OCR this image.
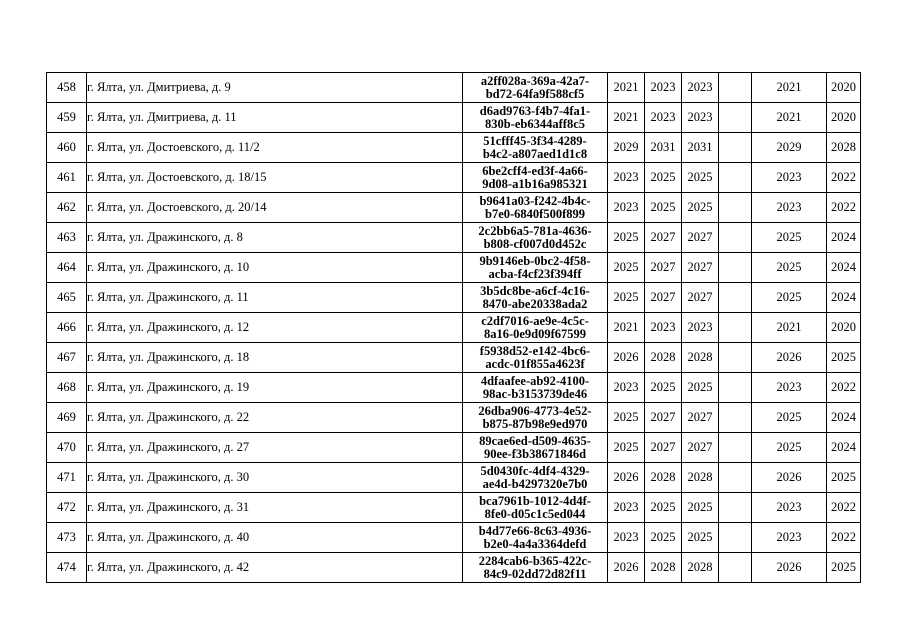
458	г. Ялта, ул. Дмитриева, д. 9	a2ff028a-369a-42a7-
bd72-64fa9f588cf5	2021	2023	2023		2021	2020
459	г. Ялта, ул. Дмитриева, д. 11	d6ad9763-f4b7-4fa1-
830b-eb6344aff8c5	2021	2023	2023		2021	2020
460	г. Ялта, ул. Достоевского, д. 11/2	51cfff45-3f34-4289-
b4c2-a807aed1d1c8	2029	2031	2031		2029	2028
461	г. Ялта, ул. Достоевского, д. 18/15	6be2cff4-ed3f-4a66-
9d08-a1b16a985321	2023	2025	2025		2023	2022
462	г. Ялта, ул. Достоевского, д. 20/14	b9641a03-f242-4b4c-
b7e0-6840f500f899	2023	2025	2025		2023	2022
463	г. Ялта, ул. Дражинского, д. 8	2c2bb6a5-781a-4636-
b808-cf007d0d452c	2025	2027	2027		2025	2024
464	г. Ялта, ул. Дражинского, д. 10	9b9146eb-0bc2-4f58-
acba-f4cf23f394ff	2025	2027	2027		2025	2024
465	г. Ялта, ул. Дражинского, д. 11	3b5dc8be-a6cf-4c16-
8470-abe20338ada2	2025	2027	2027		2025	2024
466	г. Ялта, ул. Дражинского, д. 12	c2df7016-ae9e-4c5c-
8a16-0e9d09f67599	2021	2023	2023		2021	2020
467	г. Ялта, ул. Дражинского, д. 18	f5938d52-e142-4bc6-
acdc-01f855a4623f	2026	2028	2028		2026	2025
468	г. Ялта, ул. Дражинского, д. 19	4dfaafee-ab92-4100-
98ac-b3153739de46	2023	2025	2025		2023	2022
469	г. Ялта, ул. Дражинского, д. 22	26dba906-4773-4e52-
b875-87b98e9ed970	2025	2027	2027		2025	2024
470	г. Ялта, ул. Дражинского, д. 27	89cae6ed-d509-4635-
90ee-f3b38671846d	2025	2027	2027		2025	2024
471	г. Ялта, ул. Дражинского, д. 30	5d0430fc-4df4-4329-
ae4d-b4297320e7b0	2026	2028	2028		2026	2025
472	г. Ялта, ул. Дражинского, д. 31	bca7961b-1012-4d4f-
8fe0-d05c1c5ed044	2023	2025	2025		2023	2022
473	г. Ялта, ул. Дражинского, д. 40	b4d77e66-8c63-4936-
b2e0-4a4a3364defd	2023	2025	2025		2023	2022
474	г. Ялта, ул. Дражинского, д. 42	2284cab6-b365-422c-
84c9-02dd72d82f11	2026	2028	2028		2026	2025
